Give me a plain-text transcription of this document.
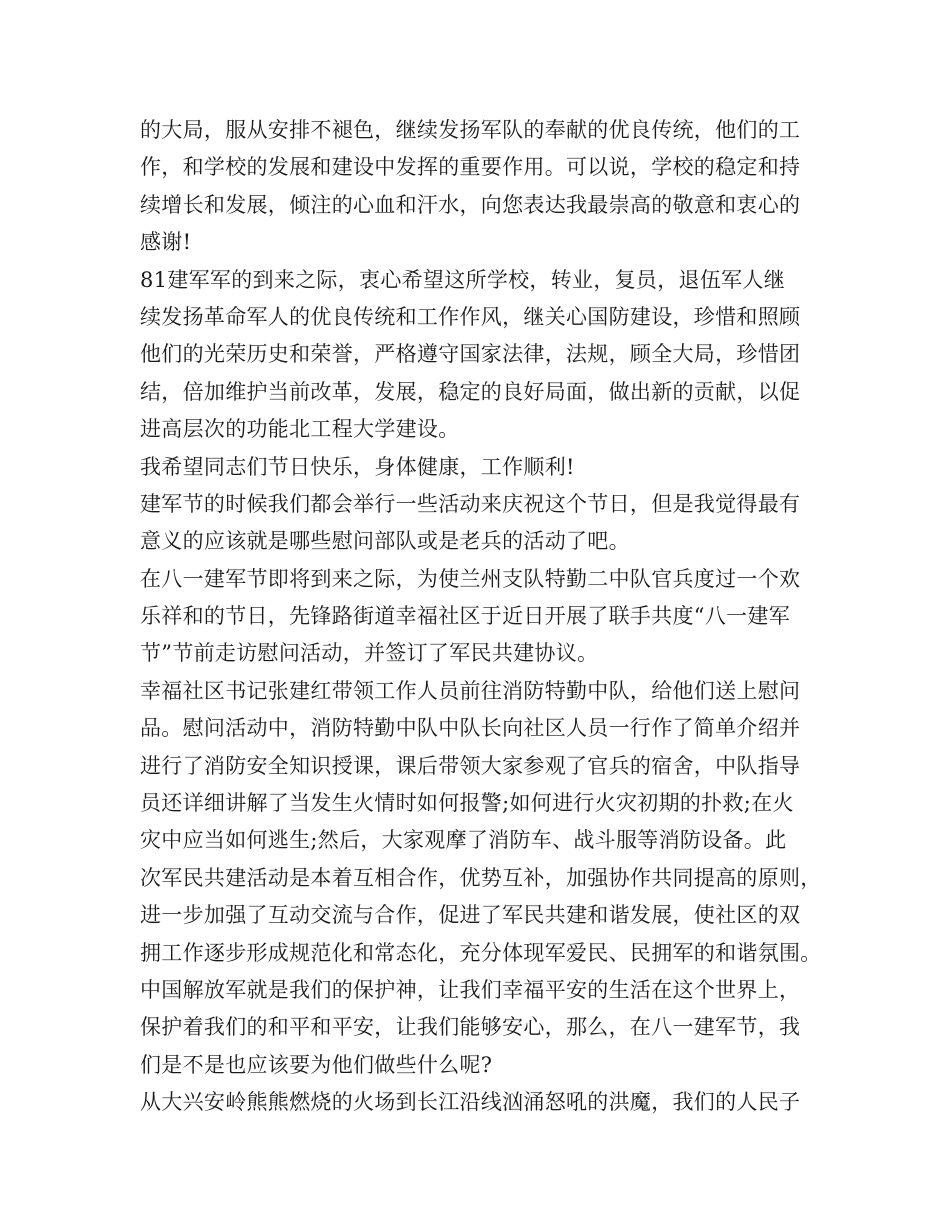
的大局，服从安排不褪色，继续发扬军队的奉献的优良传统，他们的工
作，和学校的发展和建设中发挥的重要作用。可以说，学校的稳定和持
续增长和发展，倾注的心血和汗水，向您表达我最崇高的敬意和衷心的
感谢!
81建军军的到来之际，衷心希望这所学校，转业，复员，退伍军人继
续发扬革命军人的优良传统和工作作风，继关心国防建设，珍惜和照顾
他们的光荣历史和荣誉，严格遵守国家法律，法规，顾全大局，珍惜团
结，倍加维护当前改革，发展，稳定的良好局面，做出新的贡献，以促
进高层次的功能北工程大学建设。
我希望同志们节日快乐，身体健康，工作顺利!
建军节的时候我们都会举行一些活动来庆祝这个节日，但是我觉得最有
意义的应该就是哪些慰问部队或是老兵的活动了吧。
在八一建军节即将到来之际，为使兰州支队特勤二中队官兵度过一个欢
乐祥和的节日，先锋路街道幸福社区于近日开展了联手共度“八一建军
节”节前走访慰问活动，并签订了军民共建协议。
幸福社区书记张建红带领工作人员前往消防特勤中队，给他们送上慰问
品。慰问活动中，消防特勤中队中队长向社区人员一行作了简单介绍并
进行了消防安全知识授课，课后带领大家参观了官兵的宿舍，中队指导
员还详细讲解了当发生火情时如何报警;如何进行火灾初期的扑救;在火
灾中应当如何逃生;然后，大家观摩了消防车、战斗服等消防设备。此
次军民共建活动是本着互相合作，优势互补，加强协作共同提高的原则，
进一步加强了互动交流与合作，促进了军民共建和谐发展，使社区的双
拥工作逐步形成规范化和常态化，充分体现军爱民、民拥军的和谐氛围。
中国解放军就是我们的保护神，让我们幸福平安的生活在这个世界上，
保护着我们的和平和平安，让我们能够安心，那么，在八一建军节，我
们是不是也应该要为他们做些什么呢?
从大兴安岭熊熊燃烧的火场到长江沿线汹涌怒吼的洪魔，我们的人民子
